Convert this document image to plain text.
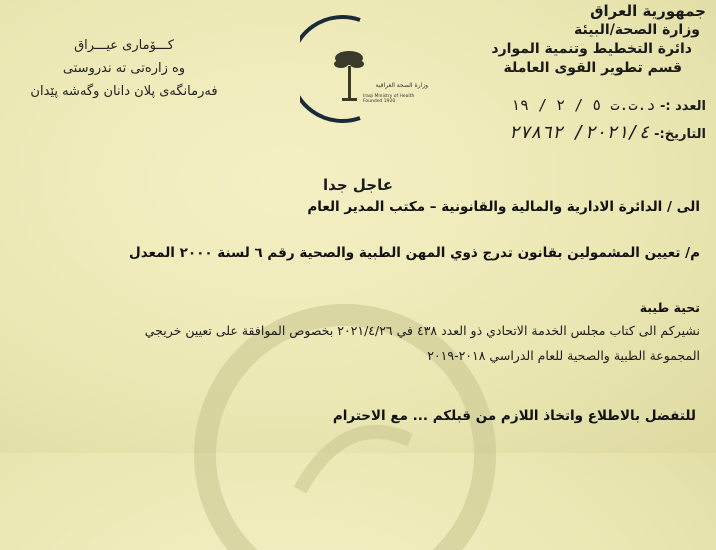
جمهورية العراق
وزارة الصحة/البيئة
دائرة التخطيط وتنمية الموارد
قسم تطوير القوى العاملة
العدد :- د.ت.ت ٥ / ٢ / ١٩
التاريخ:- ٢٠٢١/٤/ ٢٧٨٦٢
كـــۆمارى عيـــراق
وه زارەتى ته ندروستى
فەرمانگەی پلان دانان وگەشە پێدان	وزارة الصحة العراقية
Iraqi Ministry of Health
Founded 1920
عاجل جدا
الى / الدائرة الادارية والمالية والقانونية – مكتب المدير العام
م/ تعيين المشمولين بقانون تدرج ذوي المهن الطبية والصحية رقم ٦ لسنة ٢٠٠٠ المعدل
تحية طيبة
نشيركم الى كتاب مجلس الخدمة الاتحادي ذو العدد ٤٣٨ في ٢٠٢١/٤/٢٦ بخصوص الموافقة على تعيين خريجي
المجموعة الطبية والصحية للعام الدراسي ٢٠١٨-٢٠١٩
للتفضل بالاطلاع واتخاذ اللازم من قبلكم ... مع الاحترام
